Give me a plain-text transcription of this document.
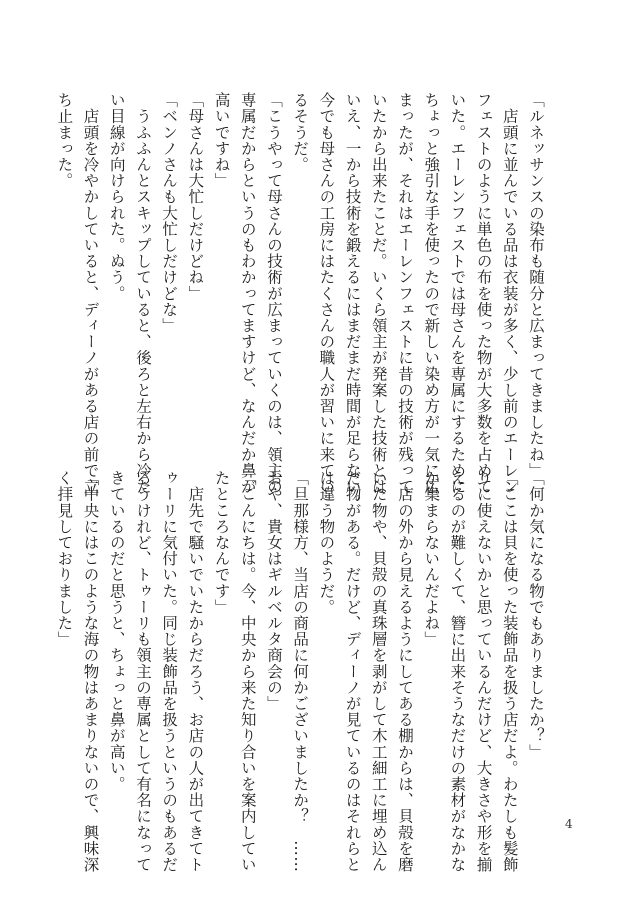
「ルネッサンスの染布も随分と広まってきましたね」
　店頭に並んでいる品は衣装が多く、少し前のエーレン
フェストのように単色の布を使った物が大多数を占めて
いた。エーレンフェストでは母さんを専属にするために
ちょっと強引な手を使ったので新しい染め方が一気に広
まったが、それはエーレンフェストに昔の技術が残って
いたから出来たことだ。いくら領主が発案した技術とは
いえ、一から技術を鍛えるにはまだまだ時間が足らない。
今でも母さんの工房にはたくさんの職人が習いに来てい
るそうだ。
「こうやって母さんの技術が広まっていくのは、領主の
専属だからというのもわかってますけど、なんだか鼻が
高いですね」
「母さんは大忙しだけどね」
「ベンノさんも大忙しだけどな」
　うふふんとスキップしていると、後ろと左右から冷た
い目線が向けられた。ぬう。
　店頭を冷やかしていると、ディーノがある店の前で立
ち止まった。
「何か気になる物でもありましたか？」
「ここは貝を使った装飾品を扱う店だよ。わたしも髪飾
りに使えないかと思っているんだけど、大きさや形を揃
えるのが難しくて、簪に出来そうなだけの素材がなかな
か集まらないんだよね」
　店の外から見えるようにしてある棚からは、貝殻を磨
いた物や、貝殻の真珠層を剥がして木工細工に埋め込ん
だ物がある。だけど、ディーノが見ているのはそれらと
は違う物のようだ。
「旦那様方、当店の商品に何かございましたか？　……
おや、貴女はギルベルタ商会の」
「こんにちは。今、中央から来た知り合いを案内してい
たところなんです」
　店先で騒いでいたからだろう、お店の人が出てきてト
ゥーリに気付いた。同じ装飾品を扱うというのもあるだ
ろうけれど、トゥーリも領主の専属として有名になって
きているのだと思うと、ちょっと鼻が高い。
「中央にはこのような海の物はあまりないので、興味深
く拝見しておりました」
4
